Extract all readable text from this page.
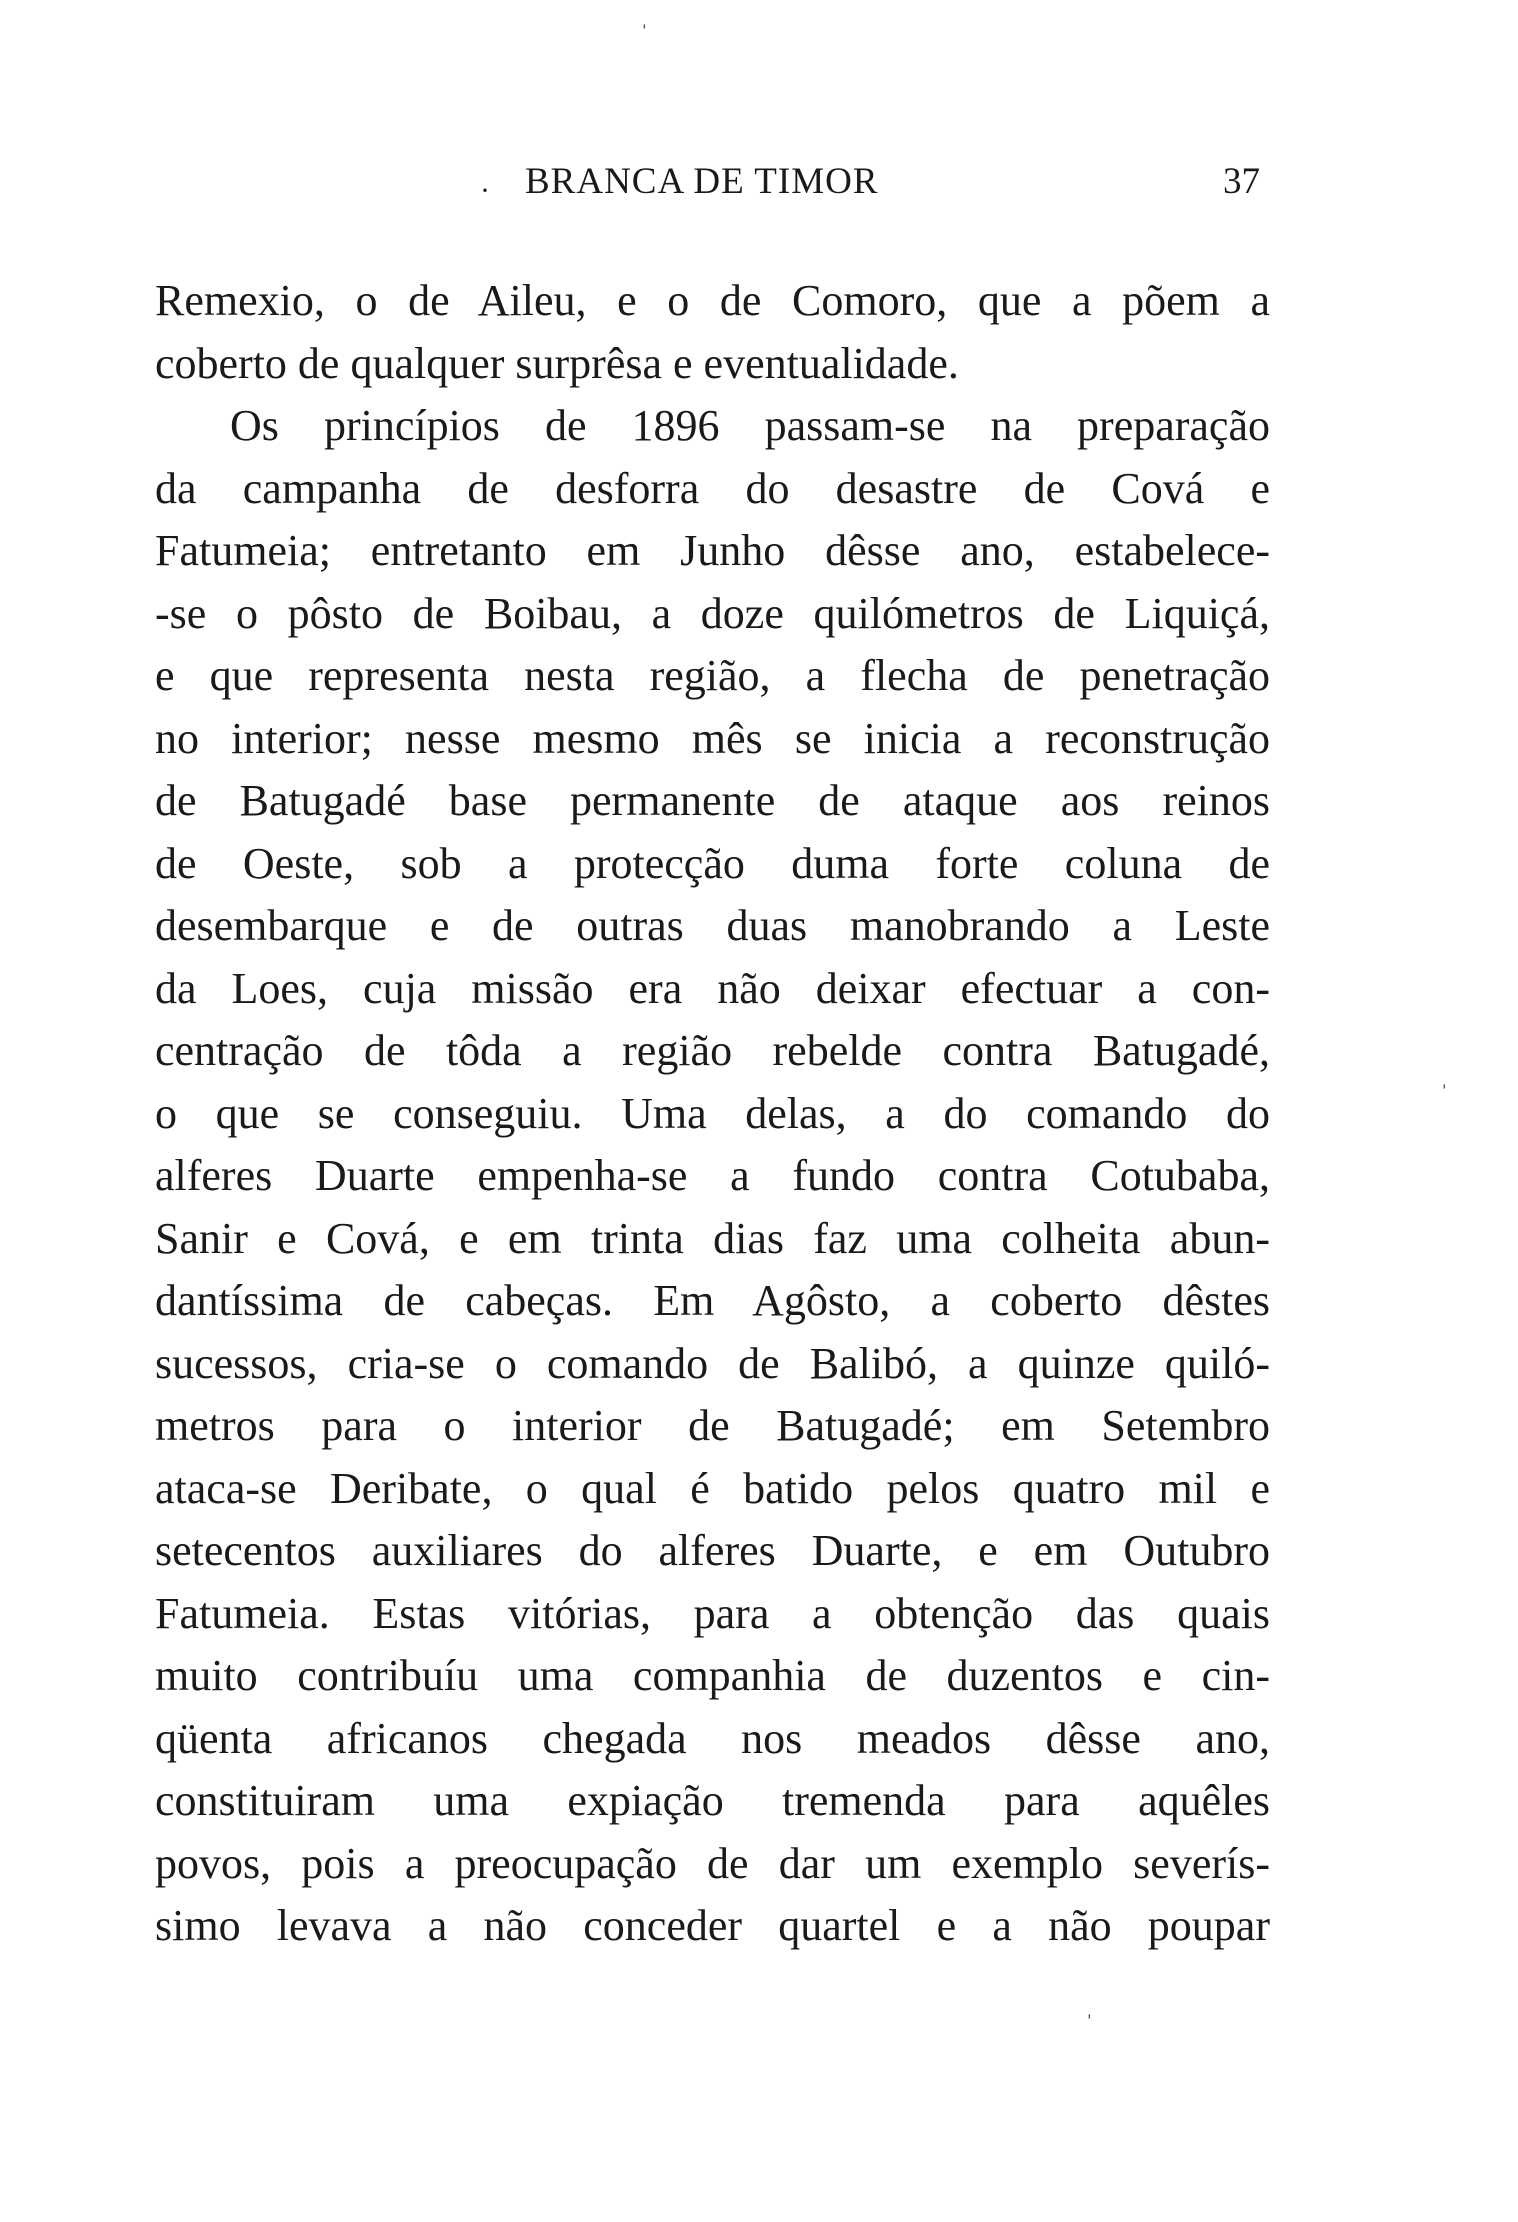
· BRANCA DE TIMOR	37
Remexio, o de Aileu, e o de Comoro, que a põem a
coberto de qualquer surprêsa e eventualidade.
Os princípios de 1896 passam-se na preparação
da campanha de desforra do desastre de Cová e
Fatumeia; entretanto em Junho dêsse ano, estabelece-
-se o pôsto de Boibau, a doze quilómetros de Liquiçá,
e que representa nesta região, a flecha de penetração
no interior; nesse mesmo mês se inicia a reconstrução
de Batugadé base permanente de ataque aos reinos
de Oeste, sob a protecção duma forte coluna de
desembarque e de outras duas manobrando a Leste
da Loes, cuja missão era não deixar efectuar a con-
centração de tôda a região rebelde contra Batugadé,
o que se conseguiu. Uma delas, a do comando do
alferes Duarte empenha-se a fundo contra Cotubaba,
Sanir e Cová, e em trinta dias faz uma colheita abun-
dantíssima de cabeças. Em Agôsto, a coberto dêstes
sucessos, cria-se o comando de Balibó, a quinze quiló-
metros para o interior de Batugadé; em Setembro
ataca-se Deribate, o qual é batido pelos quatro mil e
setecentos auxiliares do alferes Duarte, e em Outubro
Fatumeia. Estas vitórias, para a obtenção das quais
muito contribuíu uma companhia de duzentos e cin-
qüenta africanos chegada nos meados dêsse ano,
constituiram uma expiação tremenda para aquêles
povos, pois a preocupação de dar um exemplo severís-
simo levava a não conceder quartel e a não poupar
ˈ
ˈ
ˈ
